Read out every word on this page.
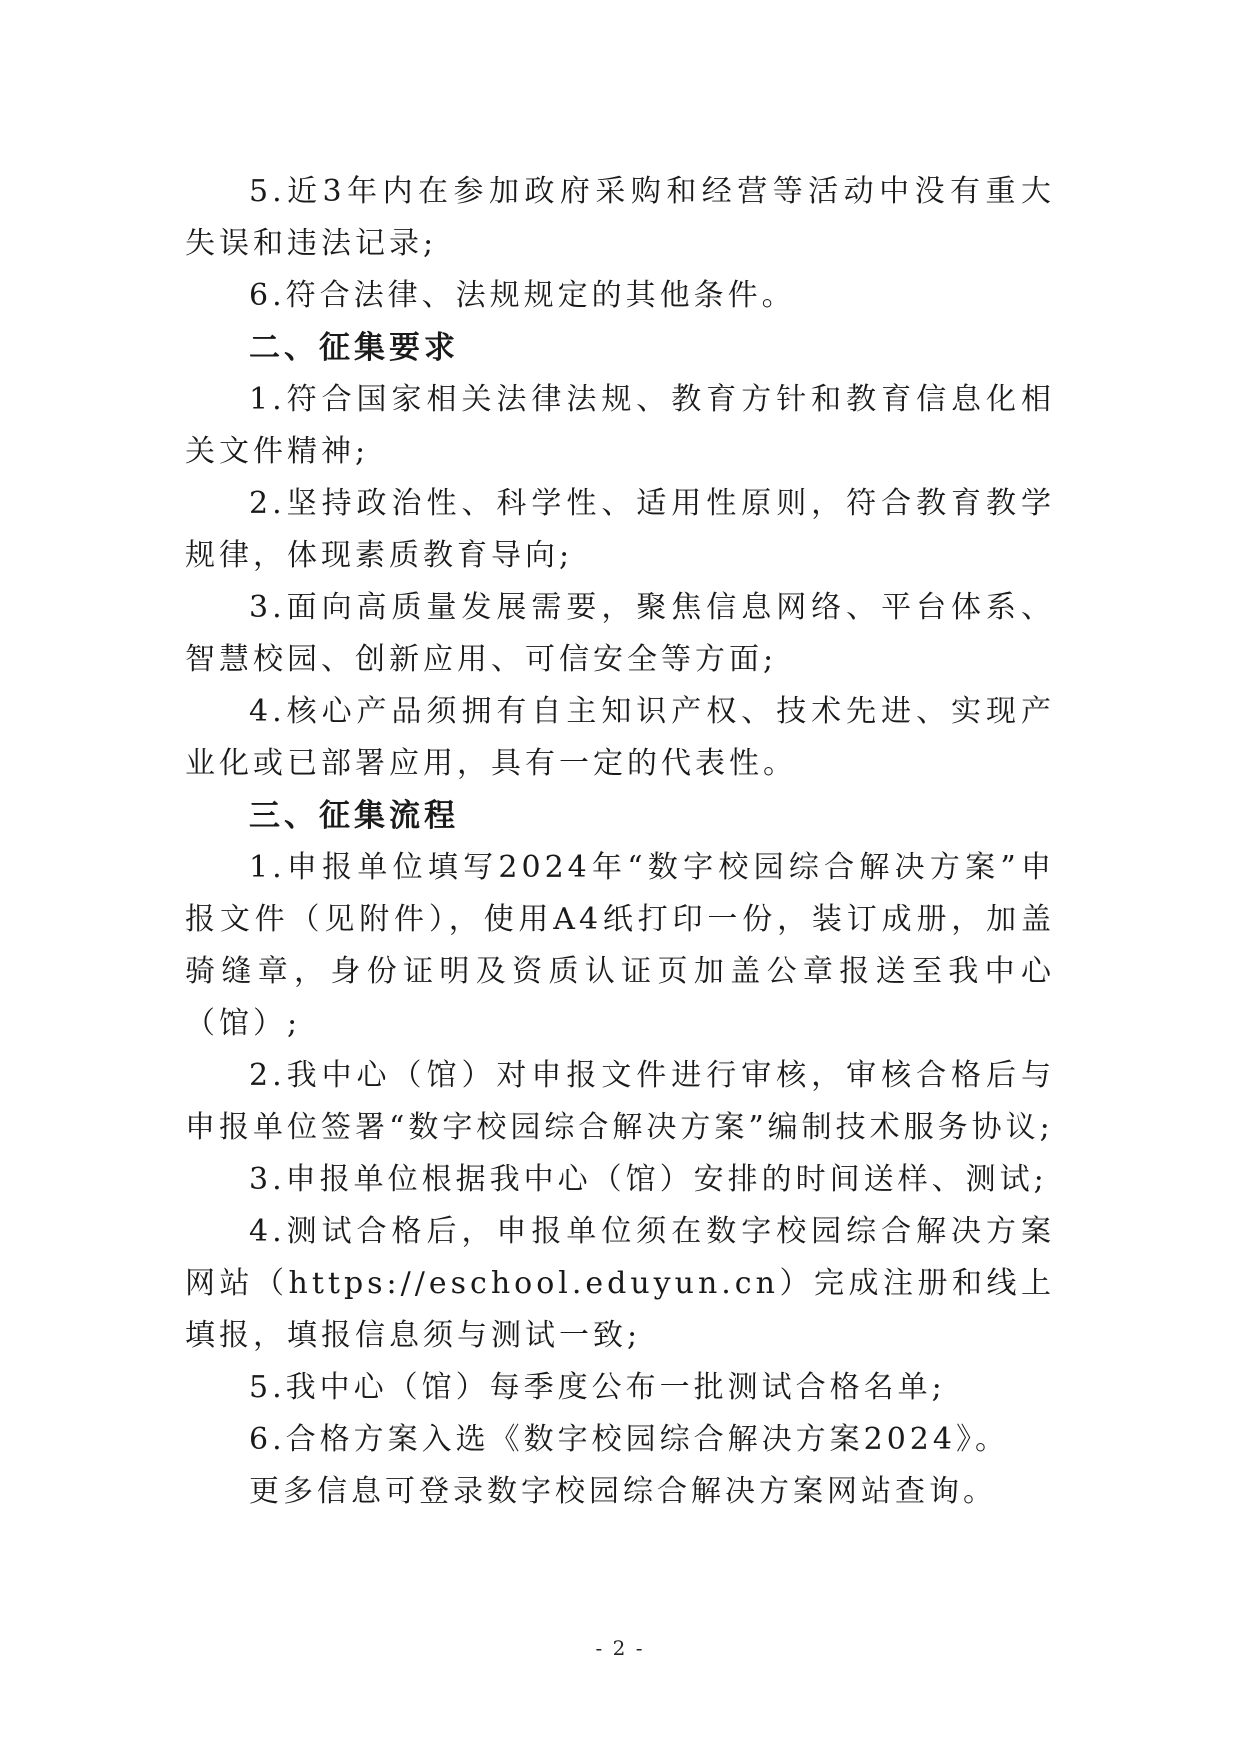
5.近3年内在参加政府采购和经营等活动中没有重大失误和违法记录;

6.符合法律、法规规定的其他条件。

二、征集要求

1.符合国家相关法律法规、教育方针和教育信息化相关文件精神;

2.坚持政治性、科学性、适用性原则，符合教育教学规律，体现素质教育导向;

3.面向高质量发展需要，聚焦信息网络、平台体系、智慧校园、创新应用、可信安全等方面;

4.核心产品须拥有自主知识产权、技术先进、实现产业化或已部署应用，具有一定的代表性。

三、征集流程

1.申报单位填写2024年“数字校园综合解决方案”申报文件（见附件），使用A4纸打印一份，装订成册，加盖骑缝章，身份证明及资质认证页加盖公章报送至我中心（馆）;

2.我中心（馆）对申报文件进行审核，审核合格后与申报单位签署“数字校园综合解决方案”编制技术服务协议;

3.申报单位根据我中心（馆）安排的时间送样、测试;

4.测试合格后，申报单位须在数字校园综合解决方案网站（https://eschool.eduyun.cn）完成注册和线上填报，填报信息须与测试一致;

5.我中心（馆）每季度公布一批测试合格名单;

6.合格方案入选《数字校园综合解决方案2024》。

更多信息可登录数字校园综合解决方案网站查询。

- 2 -
